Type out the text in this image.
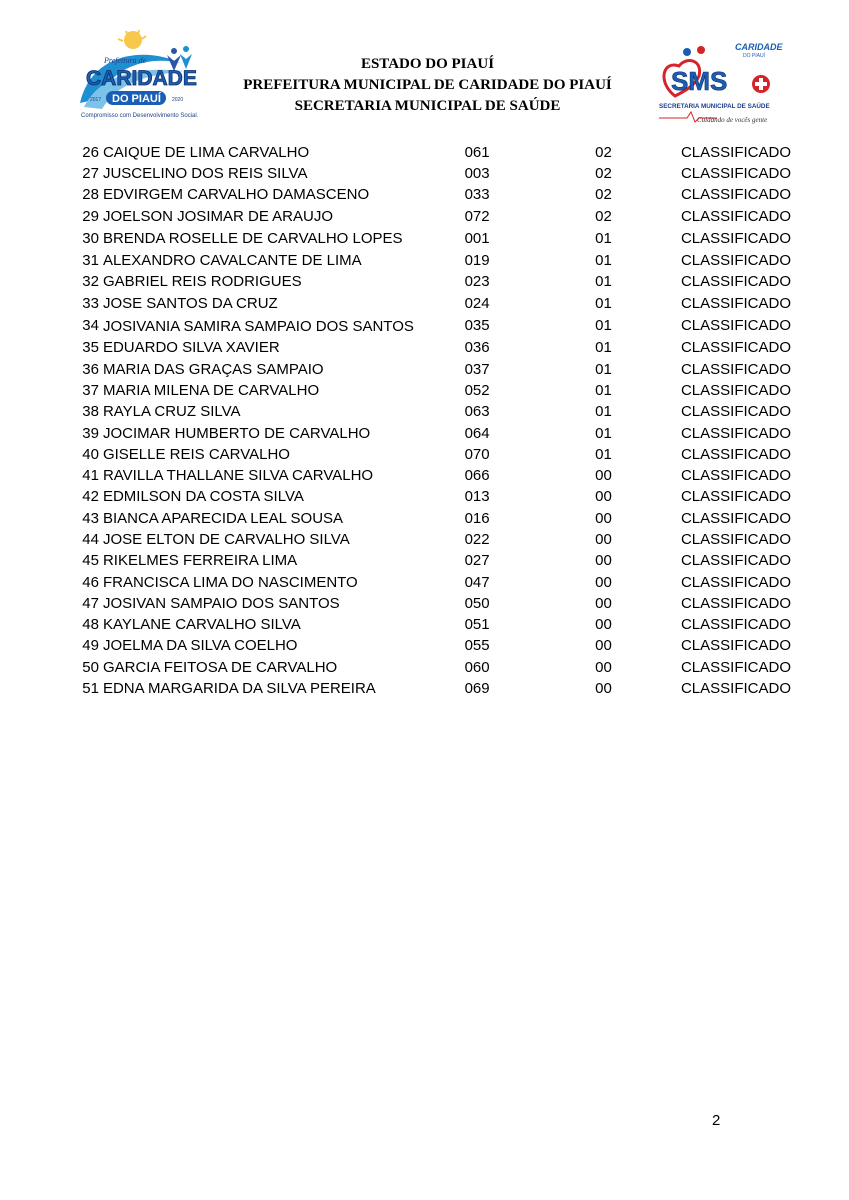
Prefeitura de
CARIDADE
DO PIAUÍ
2017	2020
Compromisso com Desenvolvimento Social.
ESTADO DO PIAUÍ
PREFEITURA MUNICIPAL DE CARIDADE DO PIAUÍ
SECRETARIA MUNICIPAL DE SAÚDE
CARIDADE
DO PIAUÍ
SMS
SECRETARIA MUNICIPAL DE SAÚDE
Cuidando de vocês gente
26	CAIQUE DE LIMA CARVALHO	061	02	CLASSIFICADO
27	JUSCELINO DOS REIS SILVA	003	02	CLASSIFICADO
28	EDVIRGEM CARVALHO DAMASCENO	033	02	CLASSIFICADO
29	JOELSON JOSIMAR DE ARAUJO	072	02	CLASSIFICADO
30	BRENDA ROSELLE DE CARVALHO LOPES	001	01	CLASSIFICADO
31	ALEXANDRO CAVALCANTE DE LIMA	019	01	CLASSIFICADO
32	GABRIEL REIS RODRIGUES	023	01	CLASSIFICADO
33	JOSE SANTOS DA CRUZ	024	01	CLASSIFICADO
34	JOSIVANIA SAMIRA SAMPAIO DOS SANTOS	035	01	CLASSIFICADO
35	EDUARDO SILVA XAVIER	036	01	CLASSIFICADO
36	MARIA DAS GRAÇAS SAMPAIO	037	01	CLASSIFICADO
37	MARIA MILENA DE CARVALHO	052	01	CLASSIFICADO
38	RAYLA CRUZ SILVA	063	01	CLASSIFICADO
39	JOCIMAR HUMBERTO DE CARVALHO	064	01	CLASSIFICADO
40	GISELLE REIS CARVALHO	070	01	CLASSIFICADO
41	RAVILLA THALLANE SILVA CARVALHO	066	00	CLASSIFICADO
42	EDMILSON DA COSTA SILVA	013	00	CLASSIFICADO
43	BIANCA APARECIDA LEAL SOUSA	016	00	CLASSIFICADO
44	JOSE ELTON DE CARVALHO SILVA	022	00	CLASSIFICADO
45	RIKELMES FERREIRA LIMA	027	00	CLASSIFICADO
46	FRANCISCA LIMA DO NASCIMENTO	047	00	CLASSIFICADO
47	JOSIVAN SAMPAIO DOS SANTOS	050	00	CLASSIFICADO
48	KAYLANE CARVALHO SILVA	051	00	CLASSIFICADO
49	JOELMA DA SILVA COELHO	055	00	CLASSIFICADO
50	GARCIA FEITOSA DE CARVALHO	060	00	CLASSIFICADO
51	EDNA MARGARIDA DA SILVA PEREIRA	069	00	CLASSIFICADO
2
